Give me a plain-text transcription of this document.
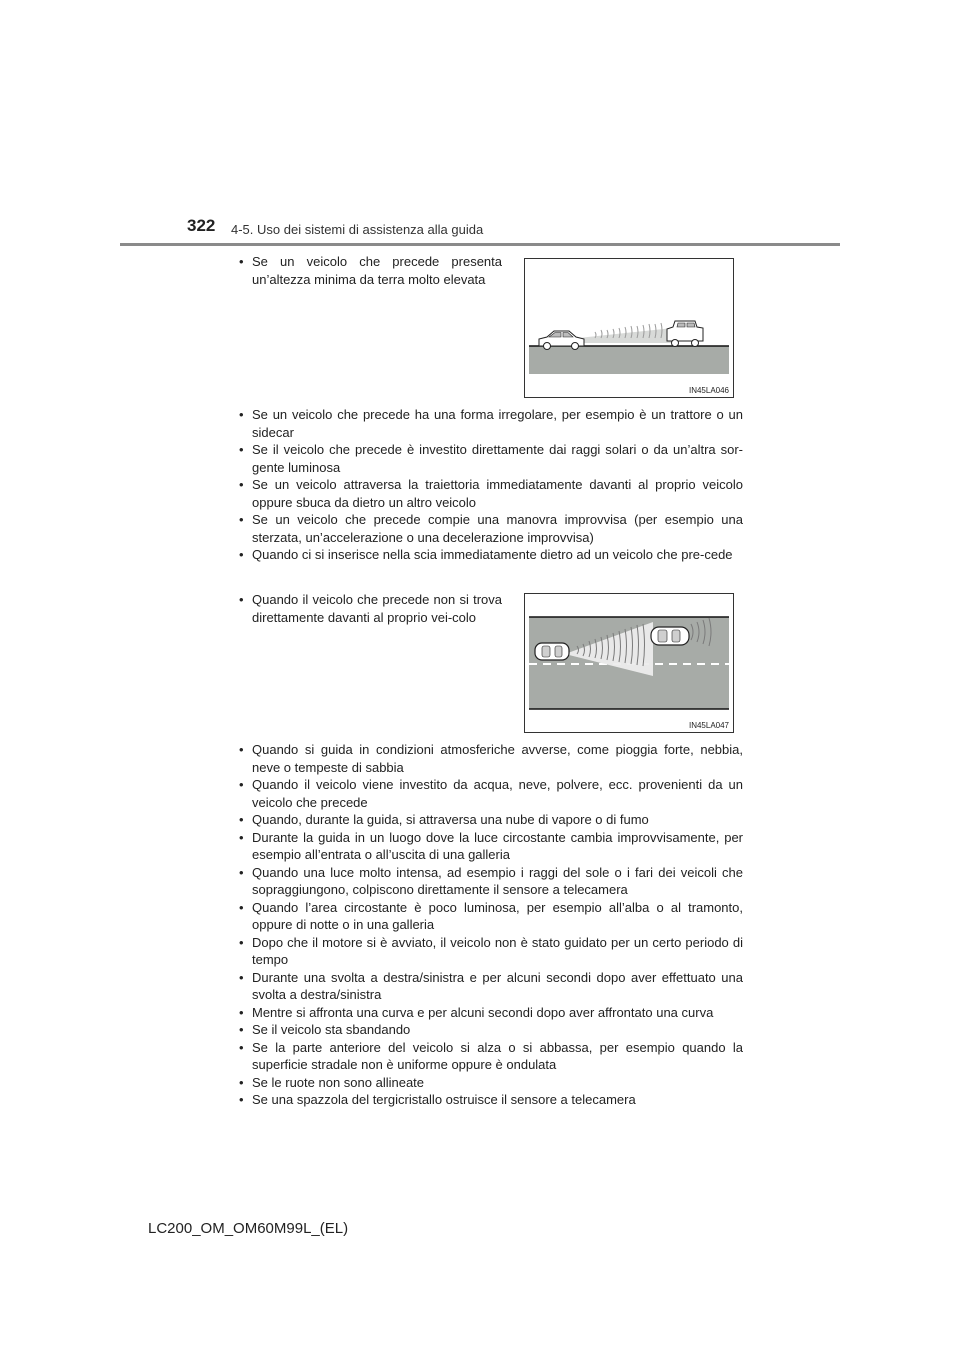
322 4-5. Uso dei sistemi di assistenza alla guida
• Se un veicolo che precede presenta un’altezza minima da terra molto elevata
IN45LA046
• Se un veicolo che precede ha una forma irregolare, per esempio è un trattore o un sidecar
• Se il veicolo che precede è investito direttamente dai raggi solari o da un’altra sor-gente luminosa
• Se un veicolo attraversa la traiettoria immediatamente davanti al proprio veicolo oppure sbuca da dietro un altro veicolo
• Se un veicolo che precede compie una manovra improvvisa (per esempio una sterzata, un’accelerazione o una decelerazione improvvisa)
• Quando ci si inserisce nella scia immediatamente dietro ad un veicolo che pre-cede
• Quando il veicolo che precede non si trova direttamente davanti al proprio vei-colo
IN45LA047
• Quando si guida in condizioni atmosferiche avverse, come pioggia forte, nebbia, neve o tempeste di sabbia
• Quando il veicolo viene investito da acqua, neve, polvere, ecc. provenienti da un veicolo che precede
• Quando, durante la guida, si attraversa una nube di vapore o di fumo
• Durante la guida in un luogo dove la luce circostante cambia improvvisamente, per esempio all’entrata o all’uscita di una galleria
• Quando una luce molto intensa, ad esempio i raggi del sole o i fari dei veicoli che sopraggiungono, colpiscono direttamente il sensore a telecamera
• Quando l’area circostante è poco luminosa, per esempio all’alba o al tramonto, oppure di notte o in una galleria
• Dopo che il motore si è avviato, il veicolo non è stato guidato per un certo periodo di tempo
• Durante una svolta a destra/sinistra e per alcuni secondi dopo aver effettuato una svolta a destra/sinistra
• Mentre si affronta una curva e per alcuni secondi dopo aver affrontato una curva
• Se il veicolo sta sbandando
• Se la parte anteriore del veicolo si alza o si abbassa, per esempio quando la superficie stradale non è uniforme oppure è ondulata
• Se le ruote non sono allineate
• Se una spazzola del tergicristallo ostruisce il sensore a telecamera
LC200_OM_OM60M99L_(EL)
